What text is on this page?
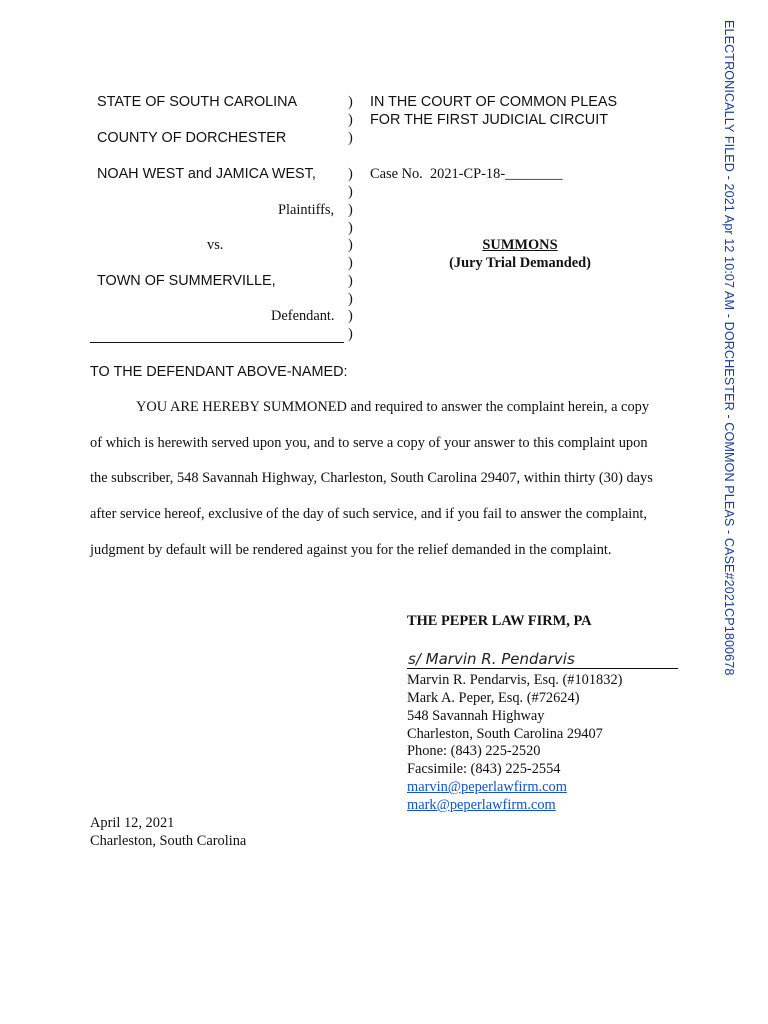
ELECTRONICALLY FILED - 2021 Apr 12 10:07 AM - DORCHESTER - COMMON PLEAS - CASE#2021CP1800678
STATE OF SOUTH CAROLINA
COUNTY OF DORCHESTER
NOAH WEST and JAMICA WEST,
Plaintiffs,
vs.
TOWN OF SUMMERVILLE,
Defendant.
)
)
)
)
)
)
)
)
)
)
)
)
)
IN THE COURT OF COMMON PLEAS
FOR THE FIRST JUDICIAL CIRCUIT
Case No. 2021-CP-18-________
SUMMONS
(Jury Trial Demanded)
TO THE DEFENDANT ABOVE-NAMED:
YOU ARE HEREBY SUMMONED and required to answer the complaint herein, a copy
of which is herewith served upon you, and to serve a copy of your answer to this complaint upon
the subscriber, 548 Savannah Highway, Charleston, South Carolina 29407, within thirty (30) days
after service hereof, exclusive of the day of such service, and if you fail to answer the complaint,
judgment by default will be rendered against you for the relief demanded in the complaint.
THE PEPER LAW FIRM, PA
s/ Marvin R. Pendarvis
Marvin R. Pendarvis, Esq. (#101832)
Mark A. Peper, Esq. (#72624)
548 Savannah Highway
Charleston, South Carolina 29407
Phone: (843) 225-2520
Facsimile: (843) 225-2554
marvin@peperlawfirm.com
mark@peperlawfirm.com
April 12, 2021
Charleston, South Carolina
